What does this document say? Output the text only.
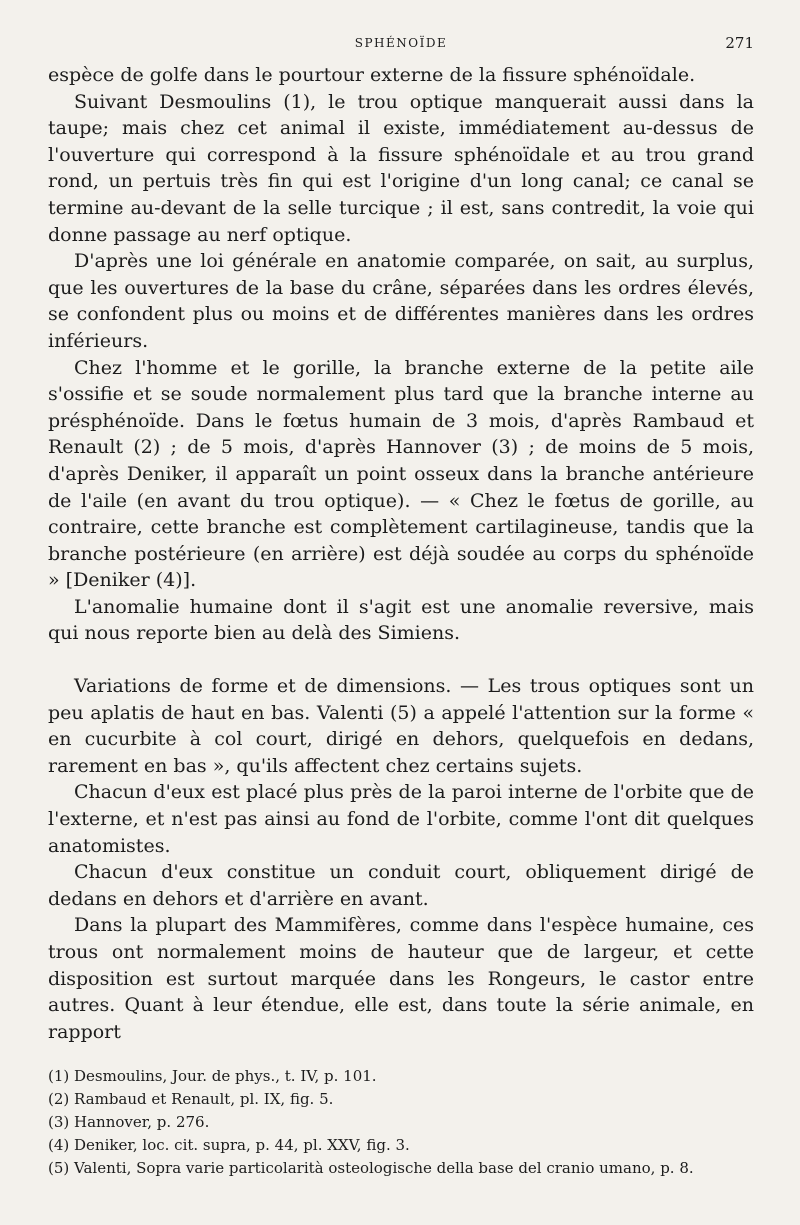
SPHÉNOÏDE	271

espèce de golfe dans le pourtour externe de la fissure sphénoïdale.

Suivant Desmoulins (1), le trou optique manquerait aussi dans la taupe; mais chez cet animal il existe, immédiatement au-dessus de l'ouverture qui correspond à la fissure sphénoïdale et au trou grand rond, un pertuis très fin qui est l'origine d'un long canal; ce canal se termine au-devant de la selle turcique ; il est, sans contredit, la voie qui donne passage au nerf optique.

D'après une loi générale en anatomie comparée, on sait, au surplus, que les ouvertures de la base du crâne, séparées dans les ordres élevés, se confondent plus ou moins et de différentes manières dans les ordres inférieurs.

Chez l'homme et le gorille, la branche externe de la petite aile s'ossifie et se soude normalement plus tard que la branche interne au présphénoïde. Dans le fœtus humain de 3 mois, d'après Rambaud et Renault (2) ; de 5 mois, d'après Hannover (3) ; de moins de 5 mois, d'après Deniker, il apparaît un point osseux dans la branche antérieure de l'aile (en avant du trou optique). — « Chez le fœtus de gorille, au contraire, cette branche est complètement cartilagineuse, tandis que la branche postérieure (en arrière) est déjà soudée au corps du sphénoïde » [Deniker (4)].

L'anomalie humaine dont il s'agit est une anomalie reversive, mais qui nous reporte bien au delà des Simiens.

Variations de forme et de dimensions. — Les trous optiques sont un peu aplatis de haut en bas. Valenti (5) a appelé l'attention sur la forme « en cucurbite à col court, dirigé en dehors, quelquefois en dedans, rarement en bas », qu'ils affectent chez certains sujets.

Chacun d'eux est placé plus près de la paroi interne de l'orbite que de l'externe, et n'est pas ainsi au fond de l'orbite, comme l'ont dit quelques anatomistes.

Chacun d'eux constitue un conduit court, obliquement dirigé de dedans en dehors et d'arrière en avant.

Dans la plupart des Mammifères, comme dans l'espèce humaine, ces trous ont normalement moins de hauteur que de largeur, et cette disposition est surtout marquée dans les Rongeurs, le castor entre autres. Quant à leur étendue, elle est, dans toute la série animale, en rapport

(1) Desmoulins, Jour. de phys., t. IV, p. 101.

(2) Rambaud et Renault, pl. IX, fig. 5.

(3) Hannover, p. 276.

(4) Deniker, loc. cit. supra, p. 44, pl. XXV, fig. 3.

(5) Valenti, Sopra varie particolarità osteologische della base del cranio umano, p. 8.
